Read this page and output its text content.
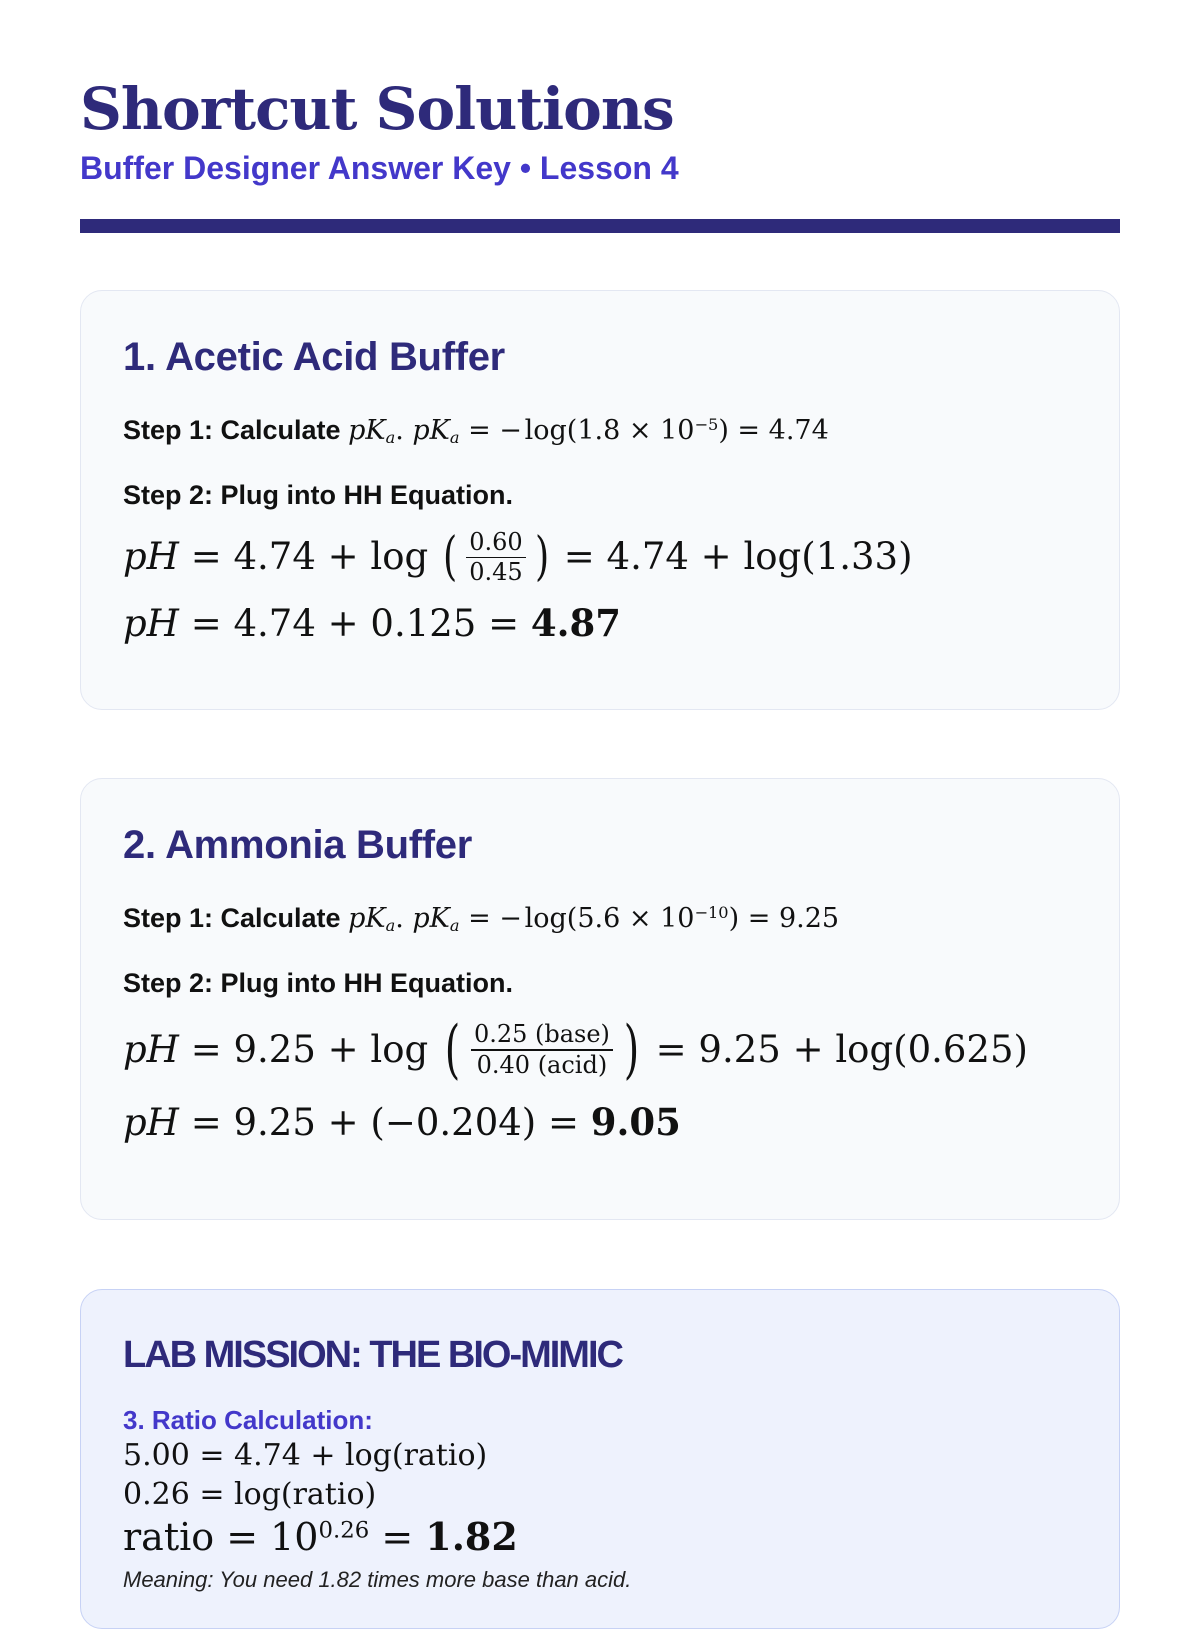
Shortcut Solutions
Buffer Designer Answer Key • Lesson 4
1. Acetic Acid Buffer

Step 1: Calculate $pK_a$. $pK_a$ = − $\log(1.8 \times 10^{-5}) = 4.74$

Step 2: Plug into HH Equation.

pH = 4.74 + log ( $\frac{0.60}{0.45}$ ) = 4.74 + log(1.33)
pH = 4.74 + 0.125 = 4.87
2. Ammonia Buffer

Step 1: Calculate $pK_a$. $pK_a$ = − $\log(5.6 \times 10^{-10}) = 9.25$

Step 2: Plug into HH Equation.

pH = 9.25 + log ( $\frac{\text{0.25 (base)}}{\text{0.40 (acid)}}$ ) = 9.25 + log(0.625)
pH = 9.25 + (−0.204) = 9.05
LAB MISSION: THE BIO-MIMIC

3. Ratio Calculation:

5.00 = 4.74 + log(ratio)

0.26 = log(ratio)

ratio = $10^{0.26} = 1.82$

Meaning: You need 1.82 times more base than acid.
